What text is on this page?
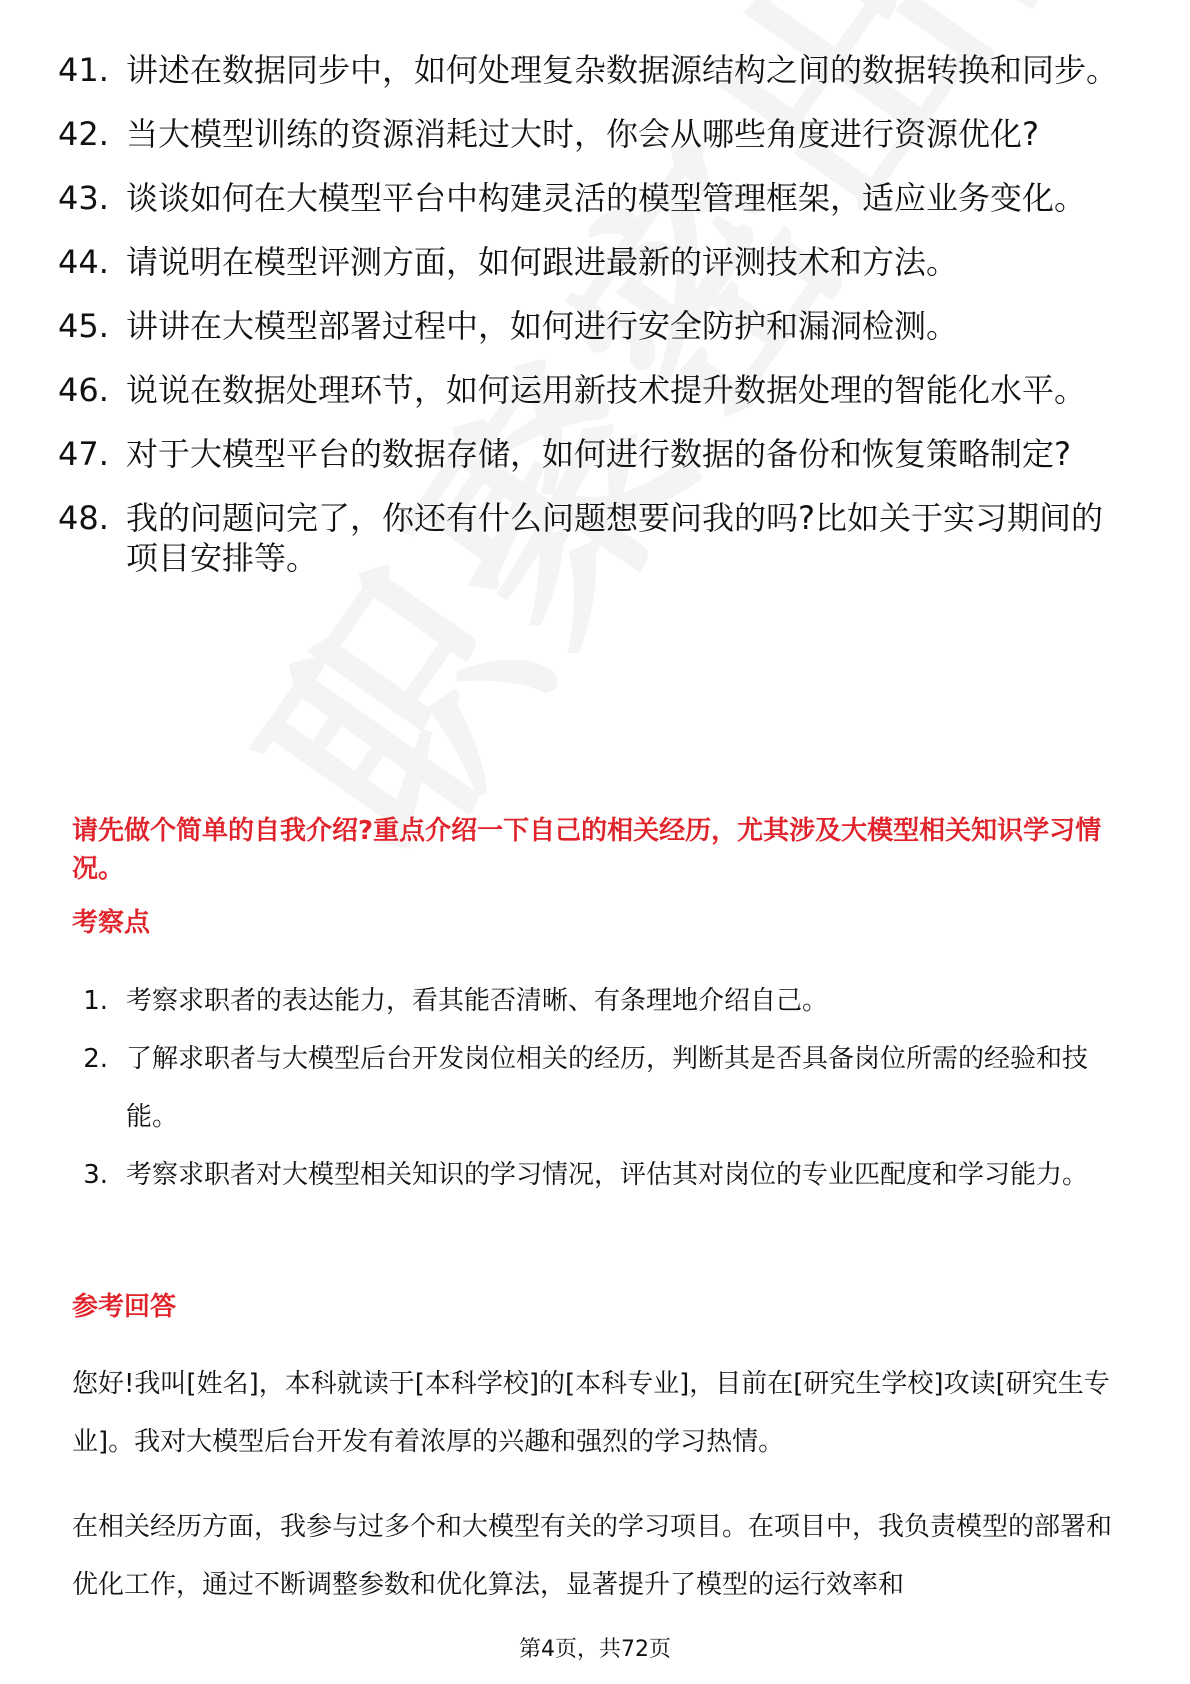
41. 讲述在数据同步中，如何处理复杂数据源结构之间的数据转换和同步。
42. 当大模型训练的资源消耗过大时，你会从哪些角度进行资源优化?
43. 谈谈如何在大模型平台中构建灵活的模型管理框架，适应业务变化。
44. 请说明在模型评测方面，如何跟进最新的评测技术和方法。
45. 讲讲在大模型部署过程中，如何进行安全防护和漏洞检测。
46. 说说在数据处理环节，如何运用新技术提升数据处理的智能化水平。
47. 对于大模型平台的数据存储，如何进行数据的备份和恢复策略制定?
48. 我的问题问完了，你还有什么问题想要问我的吗?比如关于实习期间的项目安排等。
请先做个简单的自我介绍?重点介绍一下自己的相关经历，尤其涉及大模型相关知识学习情况。
考察点
1. 考察求职者的表达能力，看其能否清晰、有条理地介绍自己。
2. 了解求职者与大模型后台开发岗位相关的经历，判断其是否具备岗位所需的经验和技能。
3. 考察求职者对大模型相关知识的学习情况，评估其对岗位的专业匹配度和学习能力。
参考回答

您好!我叫[姓名]，本科就读于[本科学校]的[本科专业]，目前在[研究生学校]攻读[研究生专业]。我对大模型后台开发有着浓厚的兴趣和强烈的学习热情。

在相关经历方面，我参与过多个和大模型有关的学习项目。在项目中，我负责模型的部署和优化工作，通过不断调整参数和优化算法，显著提升了模型的运行效率和

第4页，共72页
